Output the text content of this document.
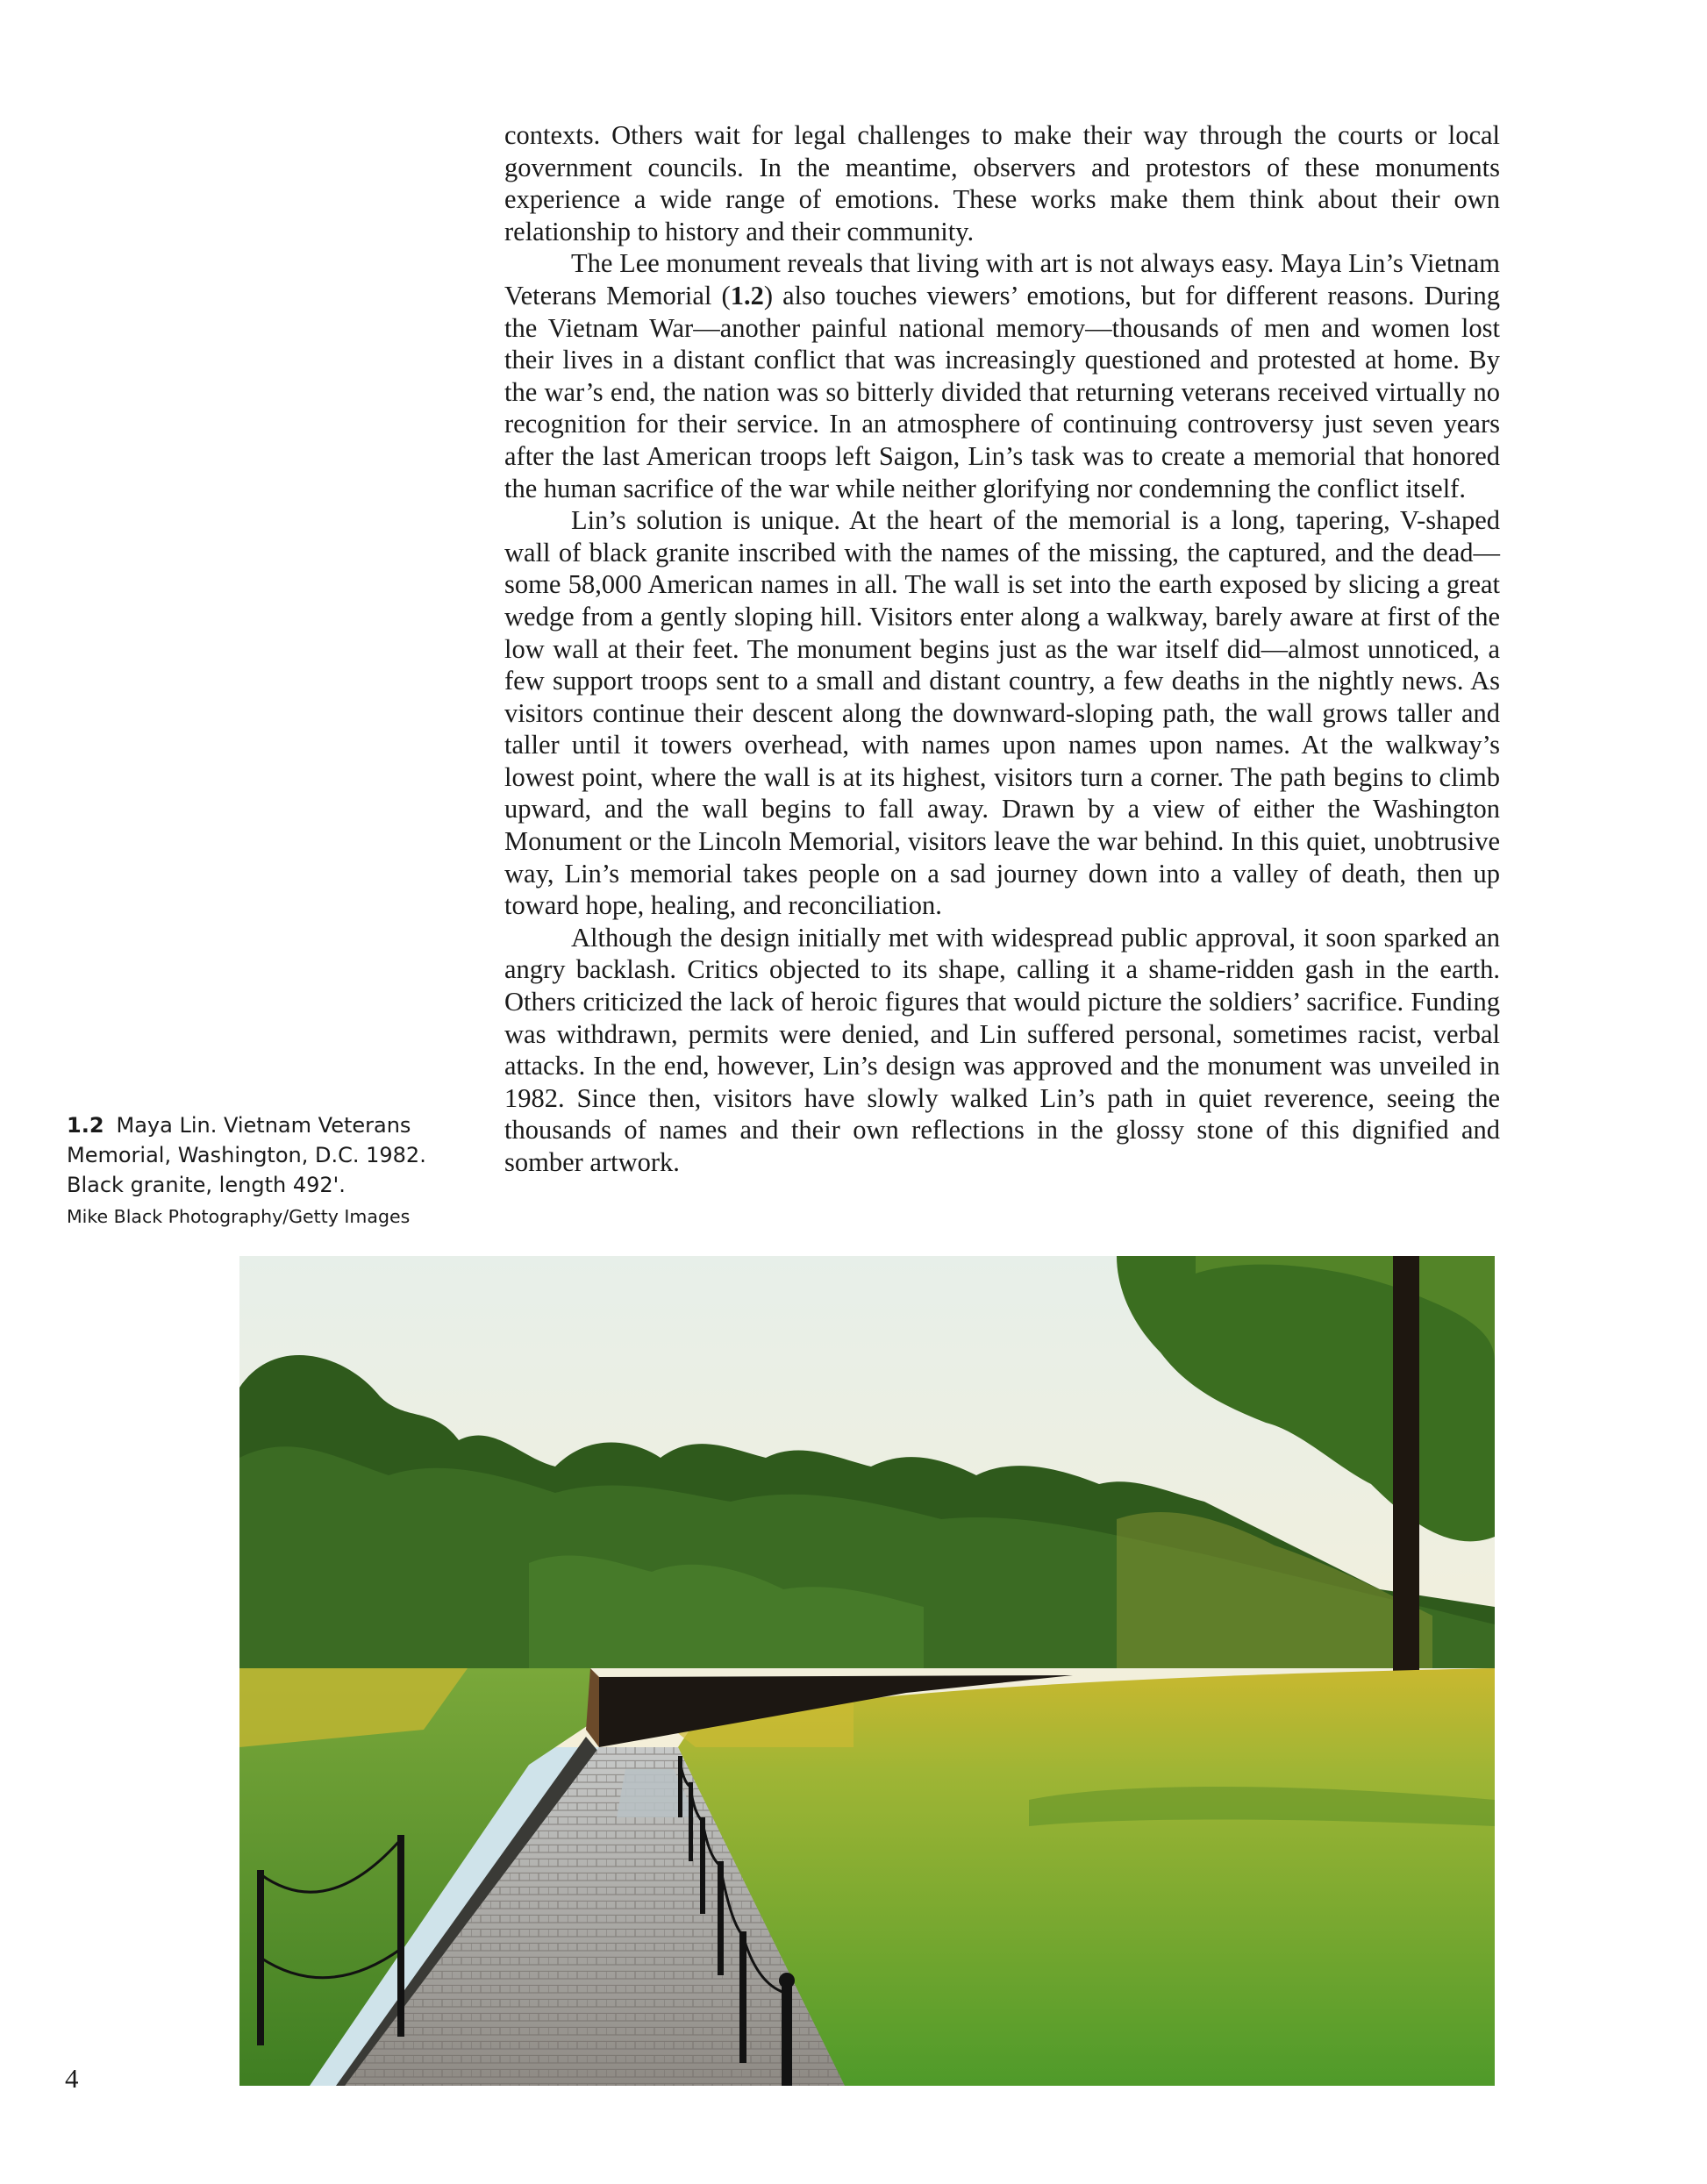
contexts. Others wait for legal challenges to make their way through the courts or local government councils. In the meantime, observers and protestors of these monuments experience a wide range of emotions. These works make them think about their own relationship to history and their community.

The Lee monument reveals that living with art is not always easy. Maya Lin’s Vietnam Veterans Memorial (1.2) also touches viewers’ emotions, but for different reasons. During the Vietnam War—another painful national memory—thousands of men and women lost their lives in a distant conflict that was increasingly questioned and protested at home. By the war’s end, the nation was so bitterly divided that returning veterans received virtually no recognition for their service. In an atmosphere of continuing controversy just seven years after the last American troops left Saigon, Lin’s task was to create a memorial that honored the human sacrifice of the war while neither glorifying nor condemning the conflict itself.

Lin’s solution is unique. At the heart of the memorial is a long, tapering, V-shaped wall of black granite inscribed with the names of the missing, the captured, and the dead—some 58,000 American names in all. The wall is set into the earth exposed by slicing a great wedge from a gently sloping hill. Visitors enter along a walkway, barely aware at first of the low wall at their feet. The monument begins just as the war itself did—almost unnoticed, a few support troops sent to a small and distant country, a few deaths in the nightly news. As visitors continue their descent along the downward-sloping path, the wall grows taller and taller until it towers overhead, with names upon names upon names. At the walkway’s lowest point, where the wall is at its highest, visitors turn a corner. The path begins to climb upward, and the wall begins to fall away. Drawn by a view of either the Washington Monument or the Lincoln Memorial, visitors leave the war behind. In this quiet, unobtrusive way, Lin’s memorial takes people on a sad journey down into a valley of death, then up toward hope, healing, and reconciliation.

Although the design initially met with widespread public approval, it soon sparked an angry backlash. Critics objected to its shape, calling it a shame-ridden gash in the earth. Others criticized the lack of heroic figures that would picture the soldiers’ sacrifice. Funding was withdrawn, permits were denied, and Lin suffered personal, sometimes racist, verbal attacks. In the end, however, Lin’s design was approved and the monument was unveiled in 1982. Since then, visitors have slowly walked Lin’s path in quiet reverence, seeing the thousands of names and their own reflections in the glossy stone of this dignified and somber artwork.

1.2 Maya Lin. Vietnam Veterans
Memorial, Washington, D.C. 1982.
Black granite, length 492'.
Mike Black Photography/Getty Images
4
